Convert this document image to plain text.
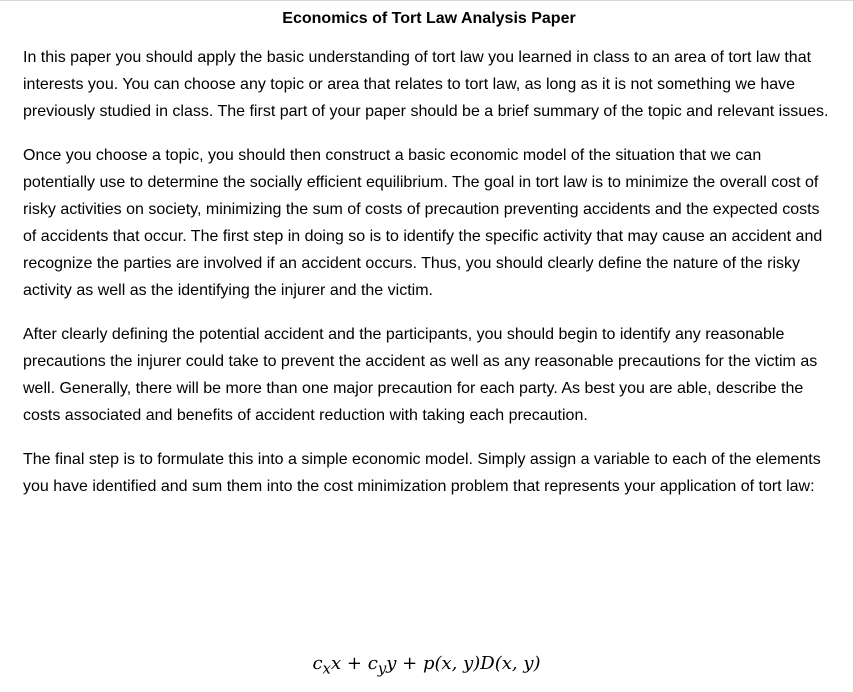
Economics of Tort Law Analysis Paper

In this paper you should apply the basic understanding of tort law you learned in class to an area of tort law that interests you. You can choose any topic or area that relates to tort law, as long as it is not something we have previously studied in class. The first part of your paper should be a brief summary of the topic and relevant issues.

Once you choose a topic, you should then construct a basic economic model of the situation that we can potentially use to determine the socially efficient equilibrium. The goal in tort law is to minimize the overall cost of risky activities on society, minimizing the sum of costs of precaution preventing accidents and the expected costs of accidents that occur. The first step in doing so is to identify the specific activity that may cause an accident and recognize the parties are involved if an accident occurs. Thus, you should clearly define the nature of the risky activity as well as the identifying the injurer and the victim.

After clearly defining the potential accident and the participants, you should begin to identify any reasonable precautions the injurer could take to prevent the accident as well as any reasonable precautions for the victim as well. Generally, there will be more than one major precaution for each party. As best you are able, describe the costs associated and benefits of accident reduction with taking each precaution.

The final step is to formulate this into a simple economic model. Simply assign a variable to each of the elements you have identified and sum them into the cost minimization problem that represents your application of tort law:

$c_xx + c_yy + p(x$, y)D(x, y)
